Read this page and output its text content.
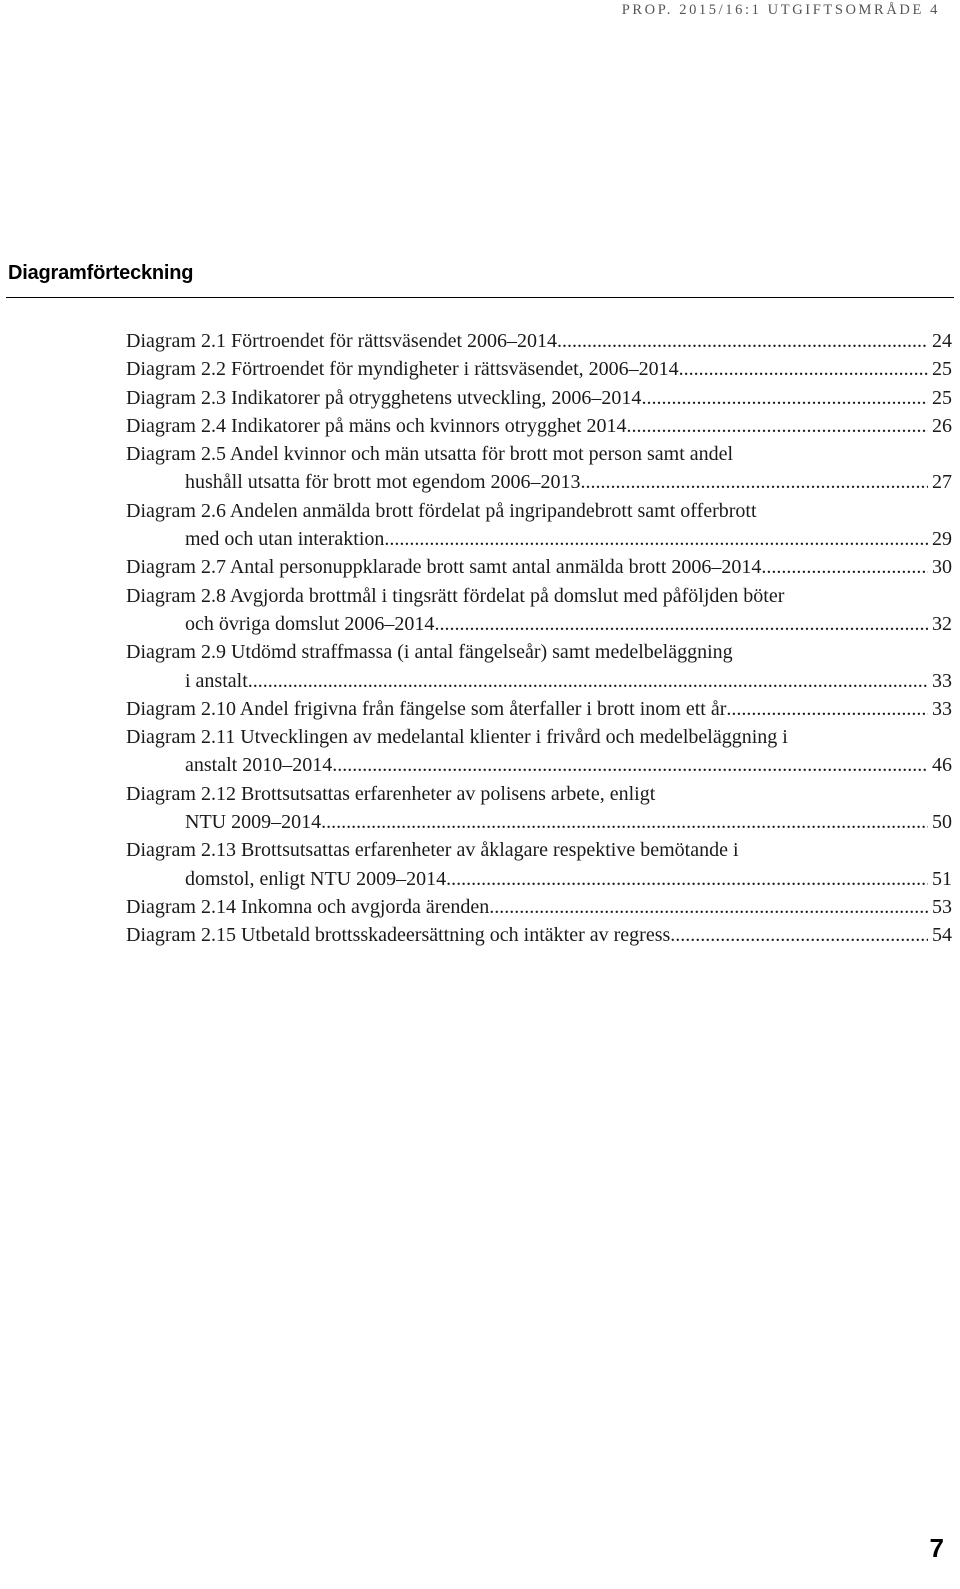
PROP. 2015/16:1 UTGIFTSOMRÅDE 4
Diagramförteckning
Diagram 2.1 Förtroendet för rättsväsendet 2006–2014 .....	24
Diagram 2.2 Förtroendet för myndigheter i rättsväsendet, 2006–2014 .....	25
Diagram 2.3 Indikatorer på otrygghetens utveckling, 2006–2014 .....	25
Diagram 2.4 Indikatorer på mäns och kvinnors otrygghet 2014 .....	26
Diagram 2.5 Andel kvinnor och män utsatta för brott mot person samt andel
hushåll utsatta för brott mot egendom 2006–2013 .....	27
Diagram 2.6 Andelen anmälda brott fördelat på ingripandebrott samt offerbrott
med och utan interaktion .....	29
Diagram 2.7 Antal personuppklarade brott samt antal anmälda brott 2006–2014 .....	30
Diagram 2.8 Avgjorda brottmål i tingsrätt fördelat på domslut med påföljden böter
och övriga domslut 2006–2014 .....	32
Diagram 2.9 Utdömd straffmassa (i antal fängelseår) samt medelbeläggning
i anstalt .....	33
Diagram 2.10 Andel frigivna från fängelse som återfaller i brott inom ett år .....	33
Diagram 2.11 Utvecklingen av medelantal klienter i frivård och medelbeläggning i
anstalt 2010–2014 .....	46
Diagram 2.12 Brottsutsattas erfarenheter av polisens arbete, enligt
NTU 2009–2014 .....	50
Diagram 2.13 Brottsutsattas erfarenheter av åklagare respektive bemötande i
domstol, enligt NTU 2009–2014 .....	51
Diagram 2.14 Inkomna och avgjorda ärenden .....	53
Diagram 2.15 Utbetald brottsskadeersättning och intäkter av regress .....	54
7
